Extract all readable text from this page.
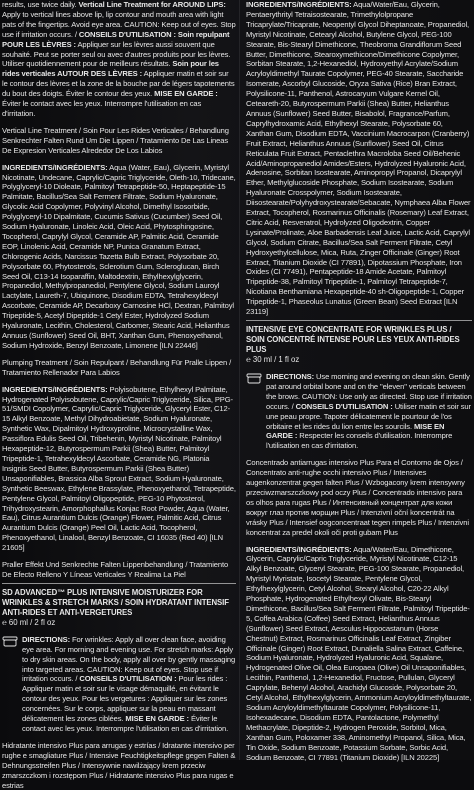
results, use twice daily. Vertical Line Treatment for AROUND LIPS: Apply to vertical lines above lip, lip contour and mouth area with light pats of the fingertips. Avoid eye area. CAUTION: Keep out of eyes. Stop use if irritation occurs. / CONSEILS D'UTILISATION : Soin repulpant POUR LES LÈVRES : Appliquer sur les lèvres aussi souvent que souhaité. Peut se porter seul ou avec d'autres produits pour les lèvres. Utiliser quotidiennement pour de meilleurs résultats. Soin pour les rides verticales AUTOUR DES LÈVRES : Appliquer matin et soir sur le contour des lèvres et la zone de la bouche par de légers tapotements du bout des doigts. Éviter le contour des yeux. MISE EN GARDE : Éviter le contact avec les yeux. Interrompre l'utilisation en cas d'irritation.

Vertical Line Treatment / Soin Pour Les Rides Verticales / Behandlung Senkrechter Falten Rund Um Die Lippen / Tratamiento De Las Lineas De Expresion Verticales Alrededor De Los Labios

INGREDIENTS/INGRÉDIENTS: Aqua (Water, Eau), Glycerin, Myristyl Nicotinate, Undecane, Caprylic/Capric Triglyceride, Oleth-10, Tridecane, Polyglyceryl-10 Dioleate, Palmitoyl Tetrapeptide-50, Heptapeptide-15 Palmitate, Bacillus/Sea Salt Ferment Filtrate, Sodium Hyaluronate, Glycolic Acid Copolymer, Polyvinyl Alcohol, Dimethyl Isosorbide, Polyglyceryl-10 Dipalmitate, Cucumis Sativus (Cucumber) Seed Oil, Sodium Hyaluronate, Linoleic Acid, Oleic Acid, Phytosphingosine, Tocopherol, Caprylyl Glycol, Ceramide AP, Palmitic Acid, Ceramide EOP, Linolenic Acid, Ceramide NP, Punica Granatum Extract, Chlorogenic Acids, Narcissus Tazetta Bulb Extract, Polysorbate 20, Polysorbate 60, Phytosterols, Sclerotium Gum, Scleroglucan, Birch Seed Oil, C13-14 Isoparaffin, Maltodextrin, Ethylhexylglycerin, Propanediol, Methylpropanediol, Pentylene Glycol, Sodium Lauroyl Lactylate, Laureth-7, Ubiquinone, Disodium EDTA, Tetrahexyldecyl Ascorbate, Ceramide AP, Decarboxy Carnosine HCl, Dextran, Palmitoyl Tripeptide-5, Acetyl Dipeptide-1 Cetyl Ester, Hydrolyzed Sodium Hyaluronate, Lecithin, Cholesterol, Carbomer, Stearic Acid, Helianthus Annuus (Sunflower) Seed Oil, BHT, Xanthan Gum, Phenoxyethanol, Sodium Hydroxide, Benzyl Benzoate, Limonene [ILN 22446]

Plumping Treatment / Soin Repulpant / Behandlung Für Pralle Lippen / Tratamiento Rellenador Para Labios

INGREDIENTS/INGRÉDIENTS: Polyisobutene, Ethylhexyl Palmitate, Hydrogenated Polyisobutene, Caprylic/Capric Triglyceride, Silica, PPG-51/SMDI Copolymer, Caprylic/Capric Triglyceride, Glyceryl Ester, C12-15 Alkyl Benzoate, Methyl Dihydroabietate, Sodium Hyaluronate, Synthetic Wax, Dipalmitoyl Hydroxyproline, Microcrystalline Wax, Passiflora Edulis Seed Oil, Tribehenin, Myristyl Nicotinate, Palmitoyl Hexapeptide-12, Butyrospermum Parkii (Shea) Butter, Palmitoyl Tripeptide-1, Tetrahexyldecyl Ascorbate, Ceramide NG, Platonia Insignis Seed Butter, Butyrospermum Parkii (Shea Butter) Unsaponifiables, Brassica Alba Sprout Extract, Sodium Hyaluronate, Synthetic Beeswax, Ethylene Brassylate, Phenoxyethanol, Tetrapeptide, Pentylene Glycol, Palmitoyl Oligopeptide, PEG-10 Phytosterol, Trihydroxystearin, Amorphophallus Konjac Root Powder, Aqua (Water, Eau), Citrus Aurantium Dulcis (Orange) Flower, Palmitic Acid, Citrus Aurantium Dulcis (Orange) Peel Oil, Lactic Acid, Tocopherol, Phenoxyethanol, Linalool, Benzyl Benzoate, CI 16035 (Red 40) [ILN 21605]

Praller Effekt Und Senkrechte Falten Lippenbehandlung / Tratamiento De Efecto Relleno Y Líneas Verticales Y Realima La Piel

SD ADVANCED™ PLUS INTENSIVE MOISTURIZER FOR WRINKLES & STRETCH MARKS / SOIN HYDRATANT INTENSIF ANTI-RIDES ET ANTI-VERGETURES

℮ 60 ml / 2 fl oz

DIRECTIONS: For wrinkles: Apply all over clean face, avoiding eye area. For morning and evening use. For stretch marks: Apply to dry skin areas. On the body, apply all over by gently massaging into targeted areas. CAUTION: Keep out of eyes. Stop use if irritation occurs. / CONSEILS D'UTILISATION : Pour les rides : Appliquer matin et soir sur le visage démaquillé, en évitant le contour des yeux. Pour les vergetures : Appliquer sur les zones concernées. Sur le corps, appliquer sur la peau en massant délicatement les zones ciblées. MISE EN GARDE : Éviter le contact avec les yeux. Interrompre l'utilisation en cas d'irritation.

Hidratante intensivo Plus para arrugas y estrías / Idratante intensivo per rughe e smagliature Plus / Intensive Feuchtigkeitspflege gegen Falten & Dehnungsstreifen Plus / Intensywnie nawilżający krem przeciw zmarszczkom i rozstępom Plus / Hidratante intensivo Plus para rugas e estrias

INGREDIENTS/INGRÉDIENTS: Aqua/Water/Eau, Glycerin, Pentaerythrityl Tetraisostearate, Trimethylolpropane Tricaprylate/Tricaprate, Neopentyl Glycol Diheptanoate, Propanediol, Myristyl Nicotinate, Cetearyl Alcohol, Butylene Glycol, PEG-100 Stearate, Bis-Stearyl Dimethicone, Theobroma Grandiflorum Seed Butter, Dimethicone, Stearoxymethicone/Dimethicone Copolymer, Sorbitan Stearate, 1,2-Hexanediol, Hydroxyethyl Acrylate/Sodium Acryloyldimethyl Taurate Copolymer, PEG-40 Stearate, Saccharide Isomerate, Ascorbyl Glucoside, Oryza Sativa (Rice) Bran Extract, Polysilicone-11, Panthenol, Astrocaryum Vulgare Kernel Oil, Ceteareth-20, Butyrospermum Parkii (Shea) Butter, Helianthus Annuus (Sunflower) Seed Butter, Bisabolol, Fragrance/Parfum, Caprylhydroxamic Acid, Ethylhexyl Stearate, Polysorbate 60, Xanthan Gum, Disodium EDTA, Vaccinium Macrocarpon (Cranberry) Fruit Extract, Helianthus Annuus (Sunflower) Seed Oil, Citrus Reticulata Fruit Extract, Pentaclethra Macroloba Seed Oil/Behenic Acid/Aminopropanediol Amides/Esters, Hydrolyzed Hyaluronic Acid, Adenosine, Sorbitan Isostearate, Aminopropyl Propanol, Dicaprylyl Ether, Methylglucoside Phosphate, Sodium Isostearate, Sodium Hyaluronate Crosspolymer, Sodium Isostearate, Diisostearate/Polyhydroxystearate/Sebacate, Nymphaea Alba Flower Extract, Tocopherol, Rosmarinus Officinalis (Rosemary) Leaf Extract, Citric Acid, Resveratrol, Hydrolyzed Oligodextrin, Copper Lysinate/Prolinate, Aloe Barbadensis Leaf Juice, Lactic Acid, Caprylyl Glycol, Sodium Citrate, Bacillus/Sea Salt Ferment Filtrate, Cetyl Hydroxyethylcellulose, Mica, Ruta, Zinger Officinale (Ginger) Root Extract, Titanium Dioxide (CI 77891), Dipotassium Phosphate, Iron Oxides (CI 77491), Pentapeptide-18 Amide Acetate, Palmitoyl Tripeptide-38, Palmitoyl Tripeptide-1, Palmitoyl Tetrapeptide-7, Nicotiana Benthamiana Hexapeptide-40 sh-Oligopeptide-1, Copper Tripeptide-1, Phaseolus Lunatus (Green Bean) Seed Extract [ILN 23119]

INTENSIVE EYE CONCENTRATE FOR WRINKLES PLUS / SOIN CONCENTRÉ INTENSE POUR LES YEUX ANTI-RIDES PLUS

℮ 30 ml / 1 fl oz

DIRECTIONS: Use morning and evening on clean skin. Gently pat around orbital bone and on the "eleven" verticals between the brows. CAUTION: Use only as directed. Stop use if irritation occurs. / CONSEILS D'UTILISATION : Utiliser matin et soir sur une peau propre. Tapoter délicatement le pourtour de l'os orbitaire et les rides du lion entre les sourcils. MISE EN GARDE : Respecter les conseils d'utilisation. Interrompre l'utilisation en cas d'irritation.

Concentrado antiarrugas intensivo Plus Para el Contorno de Ojos / Concentrato anti-rughe occhi intensivo Plus / Intensives augenkonzentrat gegen falten Plus / Wzbogacony krem intensywny przeciwzmarszczkowy pod oczy Plus / Concentrado intensivo para os olhos para rugas Plus / Интенсивный концентрат для кожи вокруг глаз против морщин Plus / Intenzivní oční koncentrát na vrásky Plus / Intensief oogconcentraat tegen rimpels Plus / Intenzivni koncentrat za predel okoli oči proti gubam Plus

INGREDIENTS/INGRÉDIENTS: Aqua/Water/Eau, Dimethicone, Glycerin, Caprylic/Capric Triglyceride, Myristyl Nicotinate, C12-15 Alkyl Benzoate, Glyceryl Stearate, PEG-100 Stearate, Propanediol, Myristyl Myristate, Isocetyl Stearate, Pentylene Glycol, Ethylhexylglycerin, Cetyl Alcohol, Stearyl Alcohol, C20-22 Alkyl Phosphate, Hydrogenated Ethylhexyl Olivate, Bis-Stearyl Dimethicone, Bacillus/Sea Salt Ferment Filtrate, Palmitoyl Tripeptide-5, Coffea Arabica (Coffee) Seed Extract, Helianthus Annuus (Sunflower) Seed Extract, Aesculus Hippocastanum (Horse Chestnut) Extract, Rosmarinus Officinalis Leaf Extract, Zingiber Officinale (Ginger) Root Extract, Dunaliella Salina Extract, Caffeine, Sodium Hyaluronate, Hydrolyzed Hyaluronic Acid, Squalane, Hydrogenated Olive Oil, Olea Europaea (Olive) Oil Unsaponifiables, Lecithin, Panthenol, 1,2-Hexanediol, Fructose, Pullulan, Glyceryl Caprylate, Behenyl Alcohol, Arachidyl Glucoside, Polysorbate 20, Cetyl Alcohol, Ethylhexylglycerin, Ammonium Acryloyldimethyltaurate, Sodium Acryloyldimethyltaurate Copolymer, Polysilicone-11, Isohexadecane, Disodium EDTA, Pantolactone, Polymethyl Methacrylate, Dipeptide-2, Hydrogen Peroxide, Sorbitol, Mica, Xanthan Gum, Poloxamer 338, Aminomethyl Propanol, Silica, Mica, Tin Oxide, Sodium Benzoate, Potassium Sorbate, Sorbic Acid, Sodium Benzoate, CI 77891 (Titanium Dioxide) [ILN 20225]
